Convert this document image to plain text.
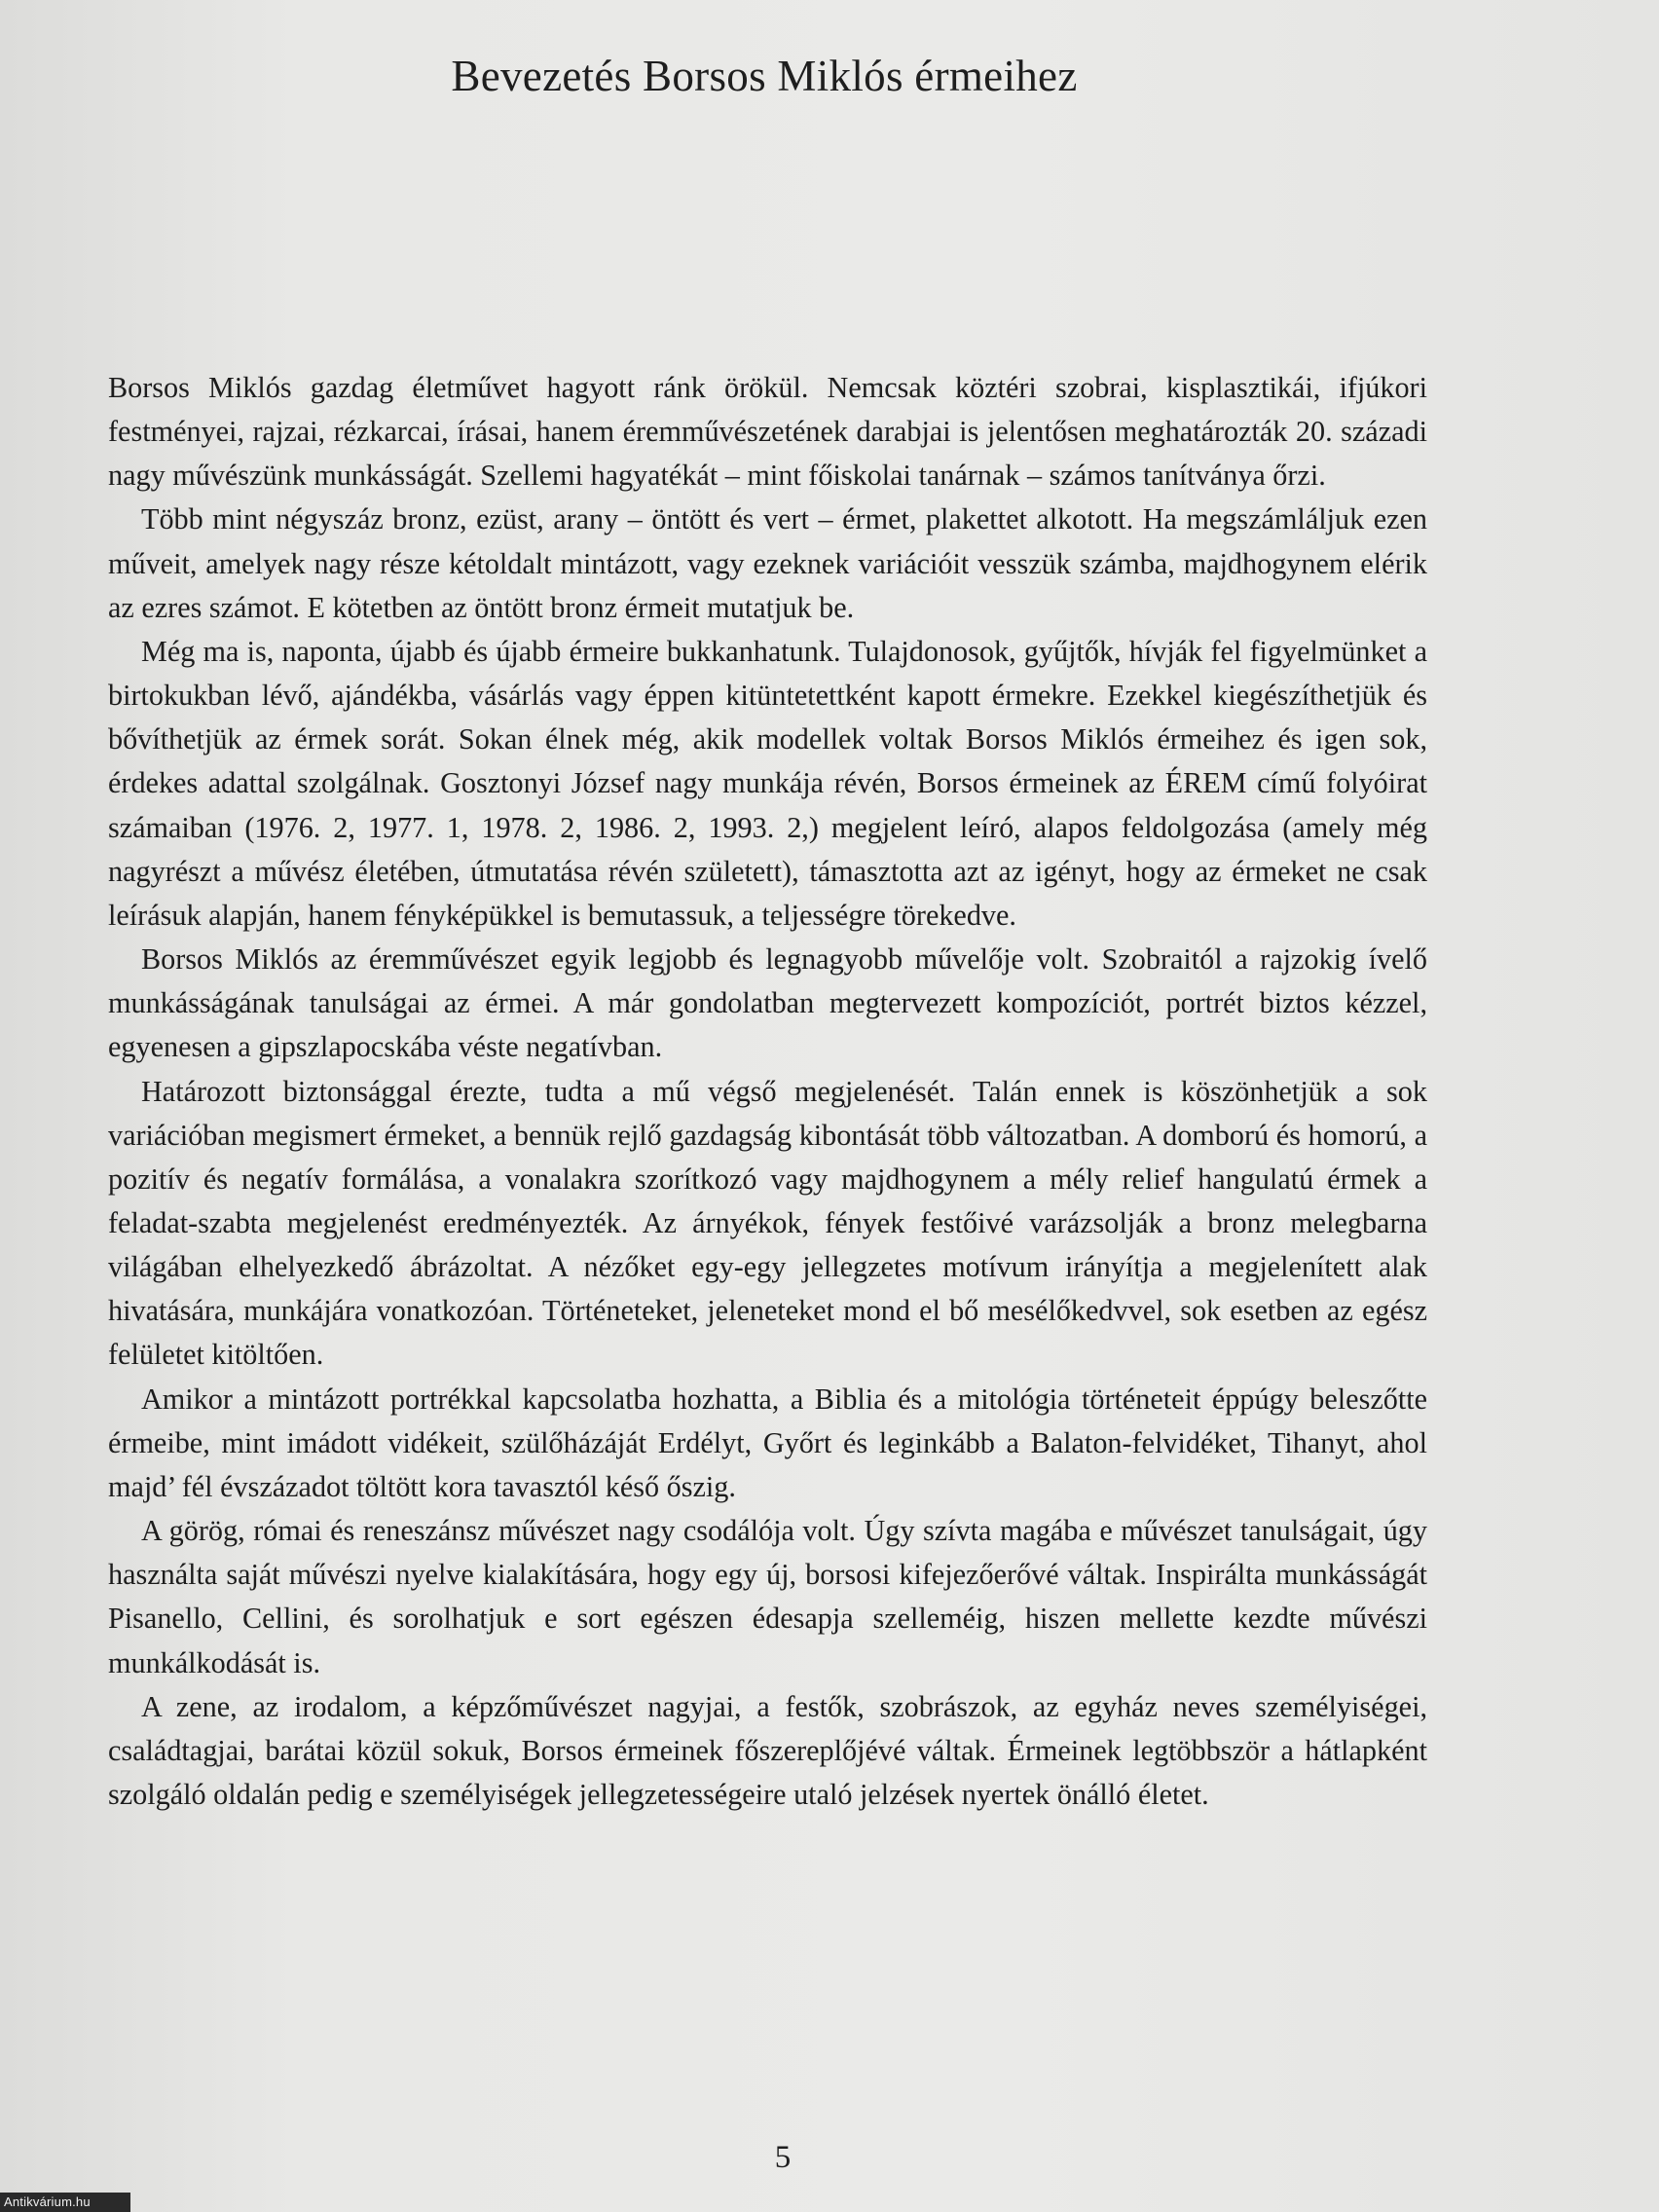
Bevezetés Borsos Miklós érmeihez

Borsos Miklós gazdag életművet hagyott ránk örökül. Nemcsak köztéri szobrai, kisplasztikái, ifjúkori festményei, rajzai, rézkarcai, írásai, hanem éremművészetének darabjai is jelentősen meghatározták 20. századi nagy művészünk munkásságát. Szellemi hagyatékát – mint főiskolai tanárnak – számos tanítványa őrzi.

Több mint négyszáz bronz, ezüst, arany – öntött és vert – érmet, plakettet alkotott. Ha megszámláljuk ezen műveit, amelyek nagy része kétoldalt mintázott, vagy ezeknek variációit vesszük számba, majdhogynem elérik az ezres számot. E kötetben az öntött bronz érmeit mutatjuk be.

Még ma is, naponta, újabb és újabb érmeire bukkanhatunk. Tulajdonosok, gyűjtők, hívják fel figyelmünket a birtokukban lévő, ajándékba, vásárlás vagy éppen kitüntetettként kapott érmekre. Ezekkel kiegészíthetjük és bővíthetjük az érmek sorát. Sokan élnek még, akik modellek voltak Borsos Miklós érmeihez és igen sok, érdekes adattal szolgálnak. Gosztonyi József nagy munkája révén, Borsos érmeinek az ÉREM című folyóirat számaiban (1976. 2, 1977. 1, 1978. 2, 1986. 2, 1993. 2,) megjelent leíró, alapos feldolgozása (amely még nagyrészt a művész életében, útmutatása révén született), támasztotta azt az igényt, hogy az érmeket ne csak leírásuk alapján, hanem fényképükkel is bemutassuk, a teljességre törekedve.

Borsos Miklós az éremművészet egyik legjobb és legnagyobb művelője volt. Szobraitól a rajzokig ívelő munkásságának tanulságai az érmei. A már gondolatban megtervezett kompozíciót, portrét biztos kézzel, egyenesen a gipszlapocskába véste negatívban.

Határozott biztonsággal érezte, tudta a mű végső megjelenését. Talán ennek is köszönhetjük a sok variációban megismert érmeket, a bennük rejlő gazdagság kibontását több változatban. A domború és homorú, a pozitív és negatív formálása, a vonalakra szorítkozó vagy majdhogynem a mély relief hangulatú érmek a feladat-szabta megjelenést eredményezték. Az árnyékok, fények festőivé varázsolják a bronz melegbarna világában elhelyezkedő ábrázoltat. A nézőket egy-egy jellegzetes motívum irányítja a megjelenített alak hivatására, munkájára vonatkozóan. Történeteket, jeleneteket mond el bő mesélőkedvvel, sok esetben az egész felületet kitöltően.

Amikor a mintázott portrékkal kapcsolatba hozhatta, a Biblia és a mitológia történeteit éppúgy beleszőtte érmeibe, mint imádott vidékeit, szülőházáját Erdélyt, Győrt és leginkább a Balaton-felvidéket, Tihanyt, ahol majd’ fél évszázadot töltött kora tavasztól késő őszig.

A görög, római és reneszánsz művészet nagy csodálója volt. Úgy szívta magába e művészet tanulságait, úgy használta saját művészi nyelve kialakítására, hogy egy új, borsosi kifejezőerővé váltak. Inspirálta munkásságát Pisanello, Cellini, és sorolhatjuk e sort egészen édesapja szelleméig, hiszen mellette kezdte művészi munkálkodását is.

A zene, az irodalom, a képzőművészet nagyjai, a festők, szobrászok, az egyház neves személyiségei, családtagjai, barátai közül sokuk, Borsos érmeinek főszereplőjévé váltak. Érmeinek legtöbbször a hátlapként szolgáló oldalán pedig e személyiségek jellegzetességeire utaló jelzések nyertek önálló életet.

5
Antikvárium.hu
